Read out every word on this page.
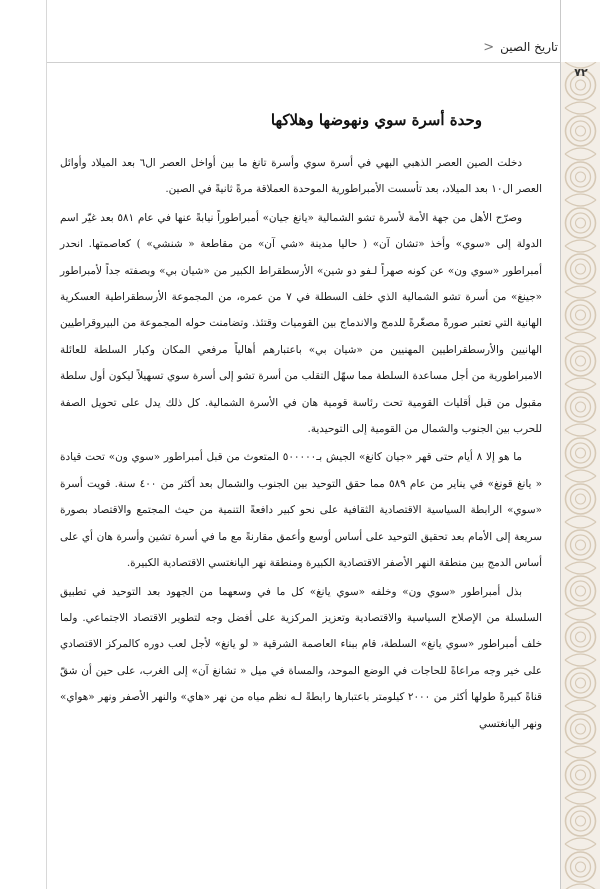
تاريخ الصين
<
٧٢
وحدة أسرة سوي ونهوضها وهلاكها

دخلت الصين العصر الذهبي البهي في أسرة سوي وأسرة تانغ ما بين أواخل العصر ال٦ بعد الميلاد وأوائل العصر ال١٠ بعد الميلاد، بعد تأسست الأمبراطورية الموحدة العملاقة مرةً ثانيةً في الصين.

وصرّح الأهل من جهة الأمة لأسرة تشو الشمالية «يانغ جيان» أمبراطوراً نيابةً عنها في عام ٥٨١ بعد غيّر اسم الدولة إلى «سوي» وأخذ «تشان آن» ( حاليا مدينة «شي آن» من مقاطعة « شنشي» ) كعاصمتها. انحدر أمبراطور «سوي ون» عن كونه صهراً لـفو دو شين» الأرسطقراط الكبير من «شيان بي» وبصفته جداً لأمبراطور «جينغ» من أسرة تشو الشمالية الذي خلف السطلة في ٧ من عمره، من المجموعة الأرسطقراطية العسكرية الهانية التي تعتبر صورةً مصغّرةً للدمج والاندماج بين القوميات وقتئذ. وتضامنت حوله المجموعة من البيروقراطيين الهانيين والأرسطقراطيين المهنيين من «شيان بي» باعتبارهم أهالياً مرفعي المكان وكبار السلطة للعائلة الامبراطورية من أجل مساعدة السلطة مما سهّل التقلب من أسرة تشو إلى أسرة سوي تسهيلاً ليكون أول سلطة مقبول من قبل أقليات القومية تحت رئاسة قومية هان في الأسرة الشمالية. كل ذلك يدل على تحويل الصفة للحرب بين الجنوب والشمال من القومية إلى التوحيدية.

ما هو إلا ٨ أيام حتى قهر «جيان كانغ» الجيش بـ٥٠٠٠٠٠ المتعوث من قبل أمبراطور «سوي ون» تحت قيادة « يانغ قونغ» في يناير من عام ٥٨٩ مما حقق التوحيد بين الجنوب والشمال بعد أكثر من ٤٠٠ سنة. قويت أسرة «سوي» الرابطة السياسية الاقتصادية الثقافية على نحو كبير دافعةً التنمية من حيث المجتمع والاقتصاد بصورة سريعة إلى الأمام بعد تحقيق التوحيد على أساس أوسع وأعمق مقارنةً مع ما في أسرة تشين وأسرة هان أي على أساس الدمج بين منطقة النهر الأصفر الاقتصادية الكبيرة ومنطقة نهر اليانغتسي الاقتصادية الكبيرة.

بذل أمبراطور «سوي ون» وخلفه «سوي يانغ» كل ما في وسعهما من الجهود بعد التوحيد في تطبيق السلسلة من الإصلاح السياسية والاقتصادية وتعزيز المركزية على أفضل وجه لتطوير الاقتصاد الاجتماعي. ولما خلف أمبراطور «سوي يانغ» السلطة، قام ببناء العاصمة الشرقية « لو يانغ» لأجل لعب دوره كالمركز الاقتصادي على خير وجه مراعاةً للحاجات في الوضع الموحد، والمساة في ميل « تشانغ آن» إلى الغرب، على حين أن شقّ قناةً كبيرةً طولها أكثر من ٢٠٠٠ كيلومتر باعتبارها رابطةً لـه نظم مياه من نهر «هاي» والنهر الأصفر ونهر «هواي» ونهر اليانغتسي
